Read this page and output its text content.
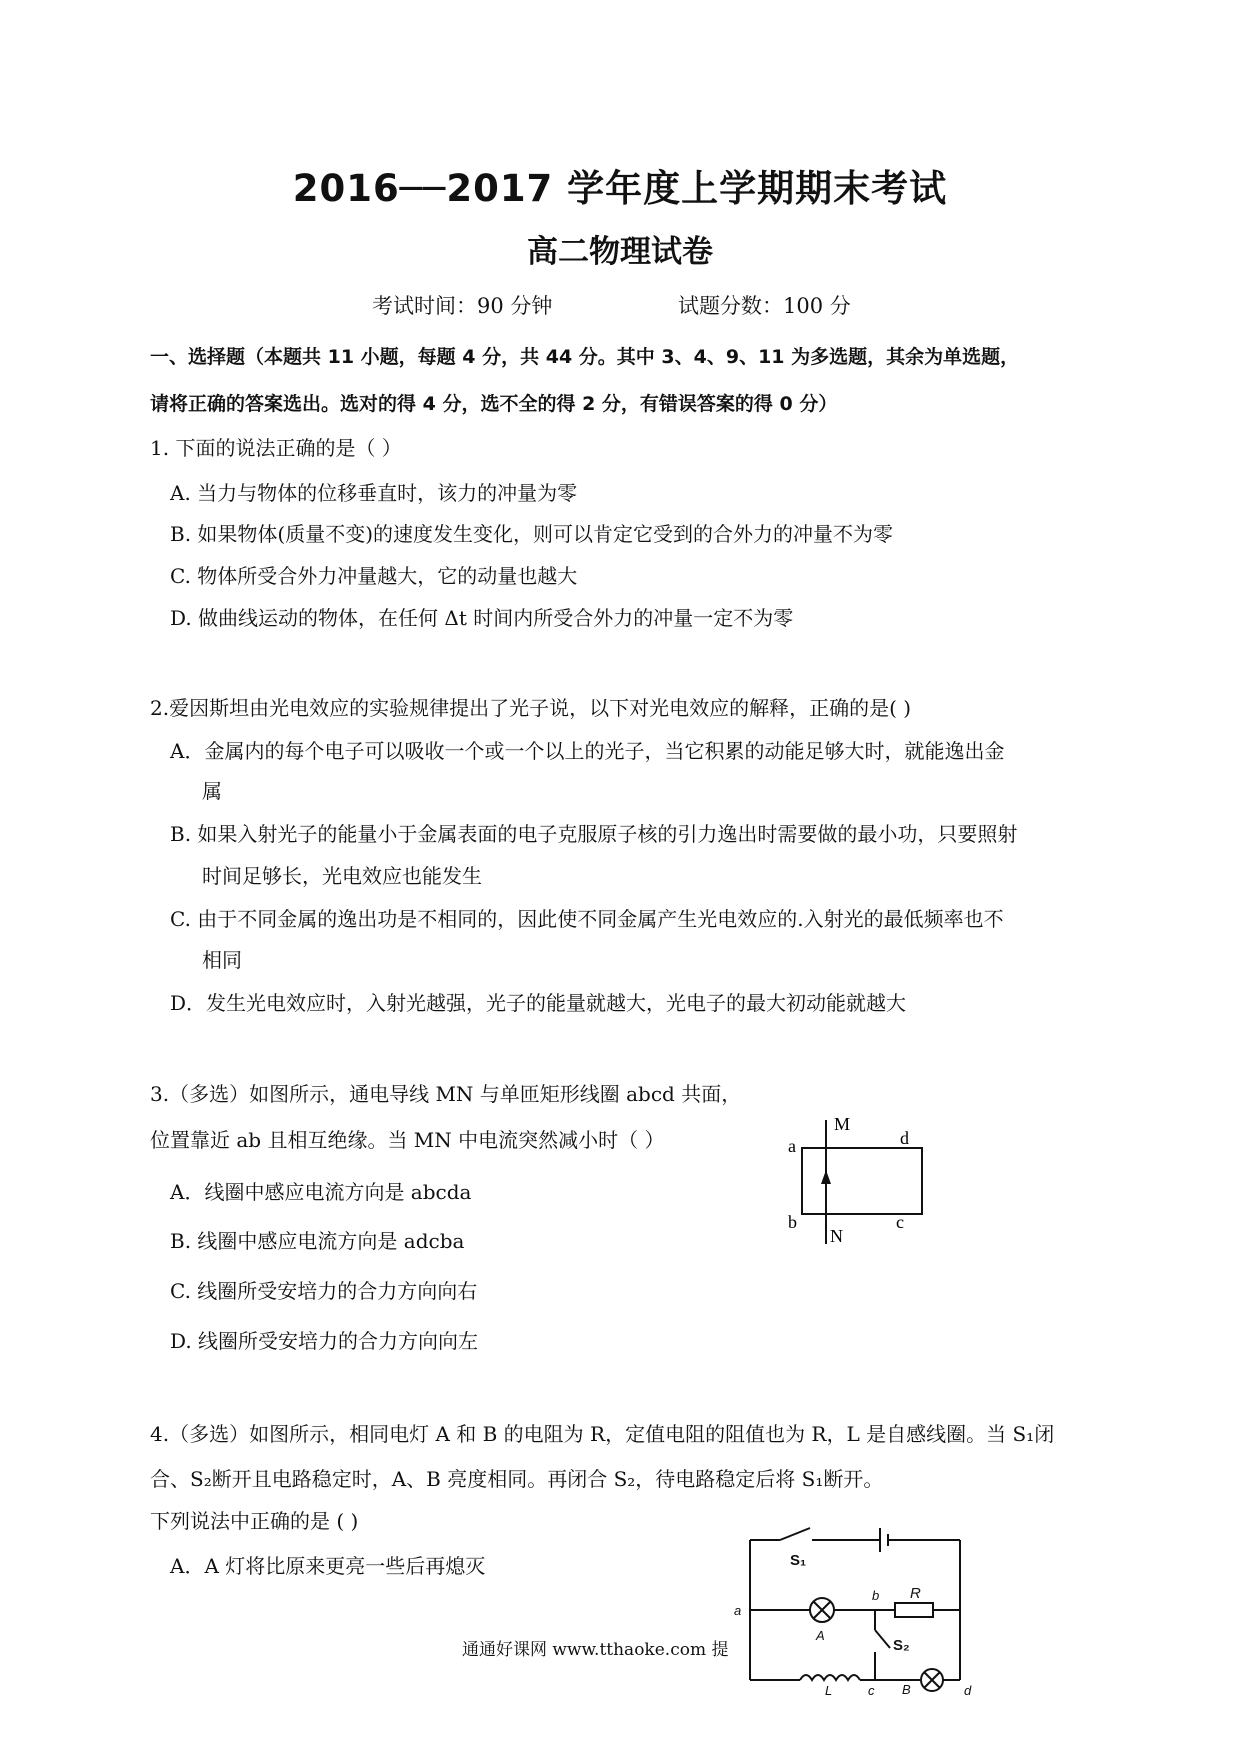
2016──2017 学年度上学期期末考试
高二物理试卷
考试时间：90 分钟	试题分数：100 分
一、选择题（本题共 11 小题，每题 4 分，共 44 分。其中 3、4、9、11 为多选题，其余为单选题，
请将正确的答案选出。选对的得 4 分，选不全的得 2 分，有错误答案的得 0 分）
1. 下面的说法正确的是（ ）
A. 当力与物体的位移垂直时，该力的冲量为零
B. 如果物体(质量不变)的速度发生变化，则可以肯定它受到的合外力的冲量不为零
C. 物体所受合外力冲量越大，它的动量也越大
D. 做曲线运动的物体，在任何 Δt 时间内所受合外力的冲量一定不为零
2.爱因斯坦由光电效应的实验规律提出了光子说，以下对光电效应的解释，正确的是( )
A．金属内的每个电子可以吸收一个或一个以上的光子，当它积累的动能足够大时，就能逸出金
属
B. 如果入射光子的能量小于金属表面的电子克服原子核的引力逸出时需要做的最小功，只要照射
时间足够长，光电效应也能发生
C. 由于不同金属的逸出功是不相同的，因此使不同金属产生光电效应的.入射光的最低频率也不
相同
D．发生光电效应时，入射光越强，光子的能量就越大，光电子的最大初动能就越大
3.（多选）如图所示，通电导线 MN 与单匝矩形线圈 abcd 共面，
位置靠近 ab 且相互绝缘。当 MN 中电流突然减小时（ ）
A．线圈中感应电流方向是 abcda
B. 线圈中感应电流方向是 adcba
C. 线圈所受安培力的合力方向向右
D. 线圈所受安培力的合力方向向左
M
N
a
b	c
d
4.（多选）如图所示，相同电灯 A 和 B 的电阻为 R，定值电阻的阻值也为 R，L 是自感线圈。当 S₁闭
合、S₂断开且电路稳定时，A、B 亮度相同。再闭合 S₂，待电路稳定后将 S₁断开。
下列说法中正确的是 ( )
A．A 灯将比原来更亮一些后再熄灭	S₁
S₂
R
A
B
L
a
b
c	d
通通好课网 www.tthaoke.com 提
